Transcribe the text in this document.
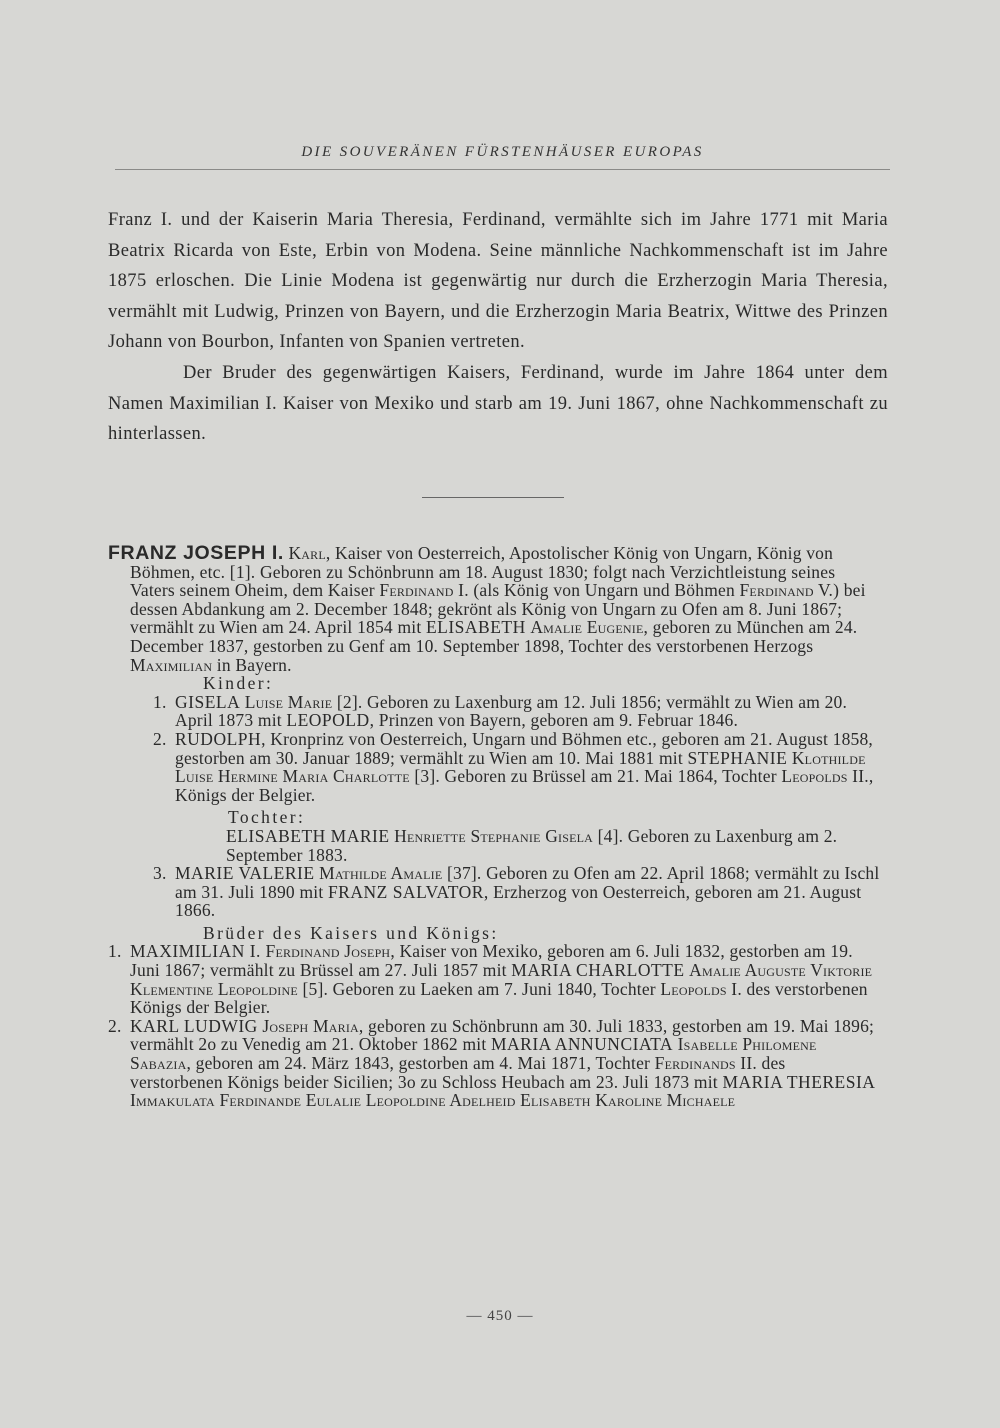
DIE SOUVERÄNEN FÜRSTENHÄUSER EUROPAS

Franz I. und der Kaiserin Maria Theresia, Ferdinand, vermählte sich im Jahre 1771 mit Maria Beatrix Ricarda von Este, Erbin von Modena. Seine männliche Nachkommenschaft ist im Jahre 1875 erloschen. Die Linie Modena ist gegenwärtig nur durch die Erzherzogin Maria Theresia, vermählt mit Ludwig, Prinzen von Bayern, und die Erzherzogin Maria Beatrix, Wittwe des Prinzen Johann von Bourbon, Infanten von Spanien vertreten.

Der Bruder des gegenwärtigen Kaisers, Ferdinand, wurde im Jahre 1864 unter dem Namen Maximilian I. Kaiser von Mexiko und starb am 19. Juni 1867, ohne Nachkommenschaft zu hinterlassen.

FRANZ JOSEPH I. Karl, Kaiser von Oesterreich, Apostolischer König von Ungarn, König von Böhmen, etc. [1]. Geboren zu Schönbrunn am 18. August 1830; folgt nach Verzichtleistung seines Vaters seinem Oheim, dem Kaiser Ferdinand I. (als König von Ungarn und Böhmen Ferdinand V.) bei dessen Abdankung am 2. December 1848; gekrönt als König von Ungarn zu Ofen am 8. Juni 1867; vermählt zu Wien am 24. April 1854 mit ELISABETH Amalie Eugenie, geboren zu München am 24. December 1837, gestorben zu Genf am 10. September 1898, Tochter des verstorbenen Herzogs Maximilian in Bayern.

Kinder:

1. GISELA Luise Marie [2]. Geboren zu Laxenburg am 12. Juli 1856; vermählt zu Wien am 20. April 1873 mit LEOPOLD, Prinzen von Bayern, geboren am 9. Februar 1846.

2. RUDOLPH, Kronprinz von Oesterreich, Ungarn und Böhmen etc., geboren am 21. August 1858, gestorben am 30. Januar 1889; vermählt zu Wien am 10. Mai 1881 mit STEPHANIE Klothilde Luise Hermine Maria Charlotte [3]. Geboren zu Brüssel am 21. Mai 1864, Tochter Leopolds II., Königs der Belgier.

Tochter:

ELISABETH MARIE Henriette Stephanie Gisela [4]. Geboren zu Laxenburg am 2. September 1883.

3. MARIE VALERIE Mathilde Amalie [37]. Geboren zu Ofen am 22. April 1868; vermählt zu Ischl am 31. Juli 1890 mit FRANZ SALVATOR, Erzherzog von Oesterreich, geboren am 21. August 1866.

Brüder des Kaisers und Königs:

1. MAXIMILIAN I. Ferdinand Joseph, Kaiser von Mexiko, geboren am 6. Juli 1832, gestorben am 19. Juni 1867; vermählt zu Brüssel am 27. Juli 1857 mit MARIA CHARLOTTE Amalie Auguste Viktorie Klementine Leopoldine [5]. Geboren zu Laeken am 7. Juni 1840, Tochter Leopolds I. des verstorbenen Königs der Belgier.

2. KARL LUDWIG Joseph Maria, geboren zu Schönbrunn am 30. Juli 1833, gestorben am 19. Mai 1896; vermählt 2o zu Venedig am 21. Oktober 1862 mit MARIA ANNUNCIATA Isabelle Philomene Sabazia, geboren am 24. März 1843, gestorben am 4. Mai 1871, Tochter Ferdinands II. des verstorbenen Königs beider Sicilien; 3o zu Schloss Heubach am 23. Juli 1873 mit MARIA THERESIA Immakulata Ferdinande Eulalie Leopoldine Adelheid Elisabeth Karoline Michaele

— 450 —
